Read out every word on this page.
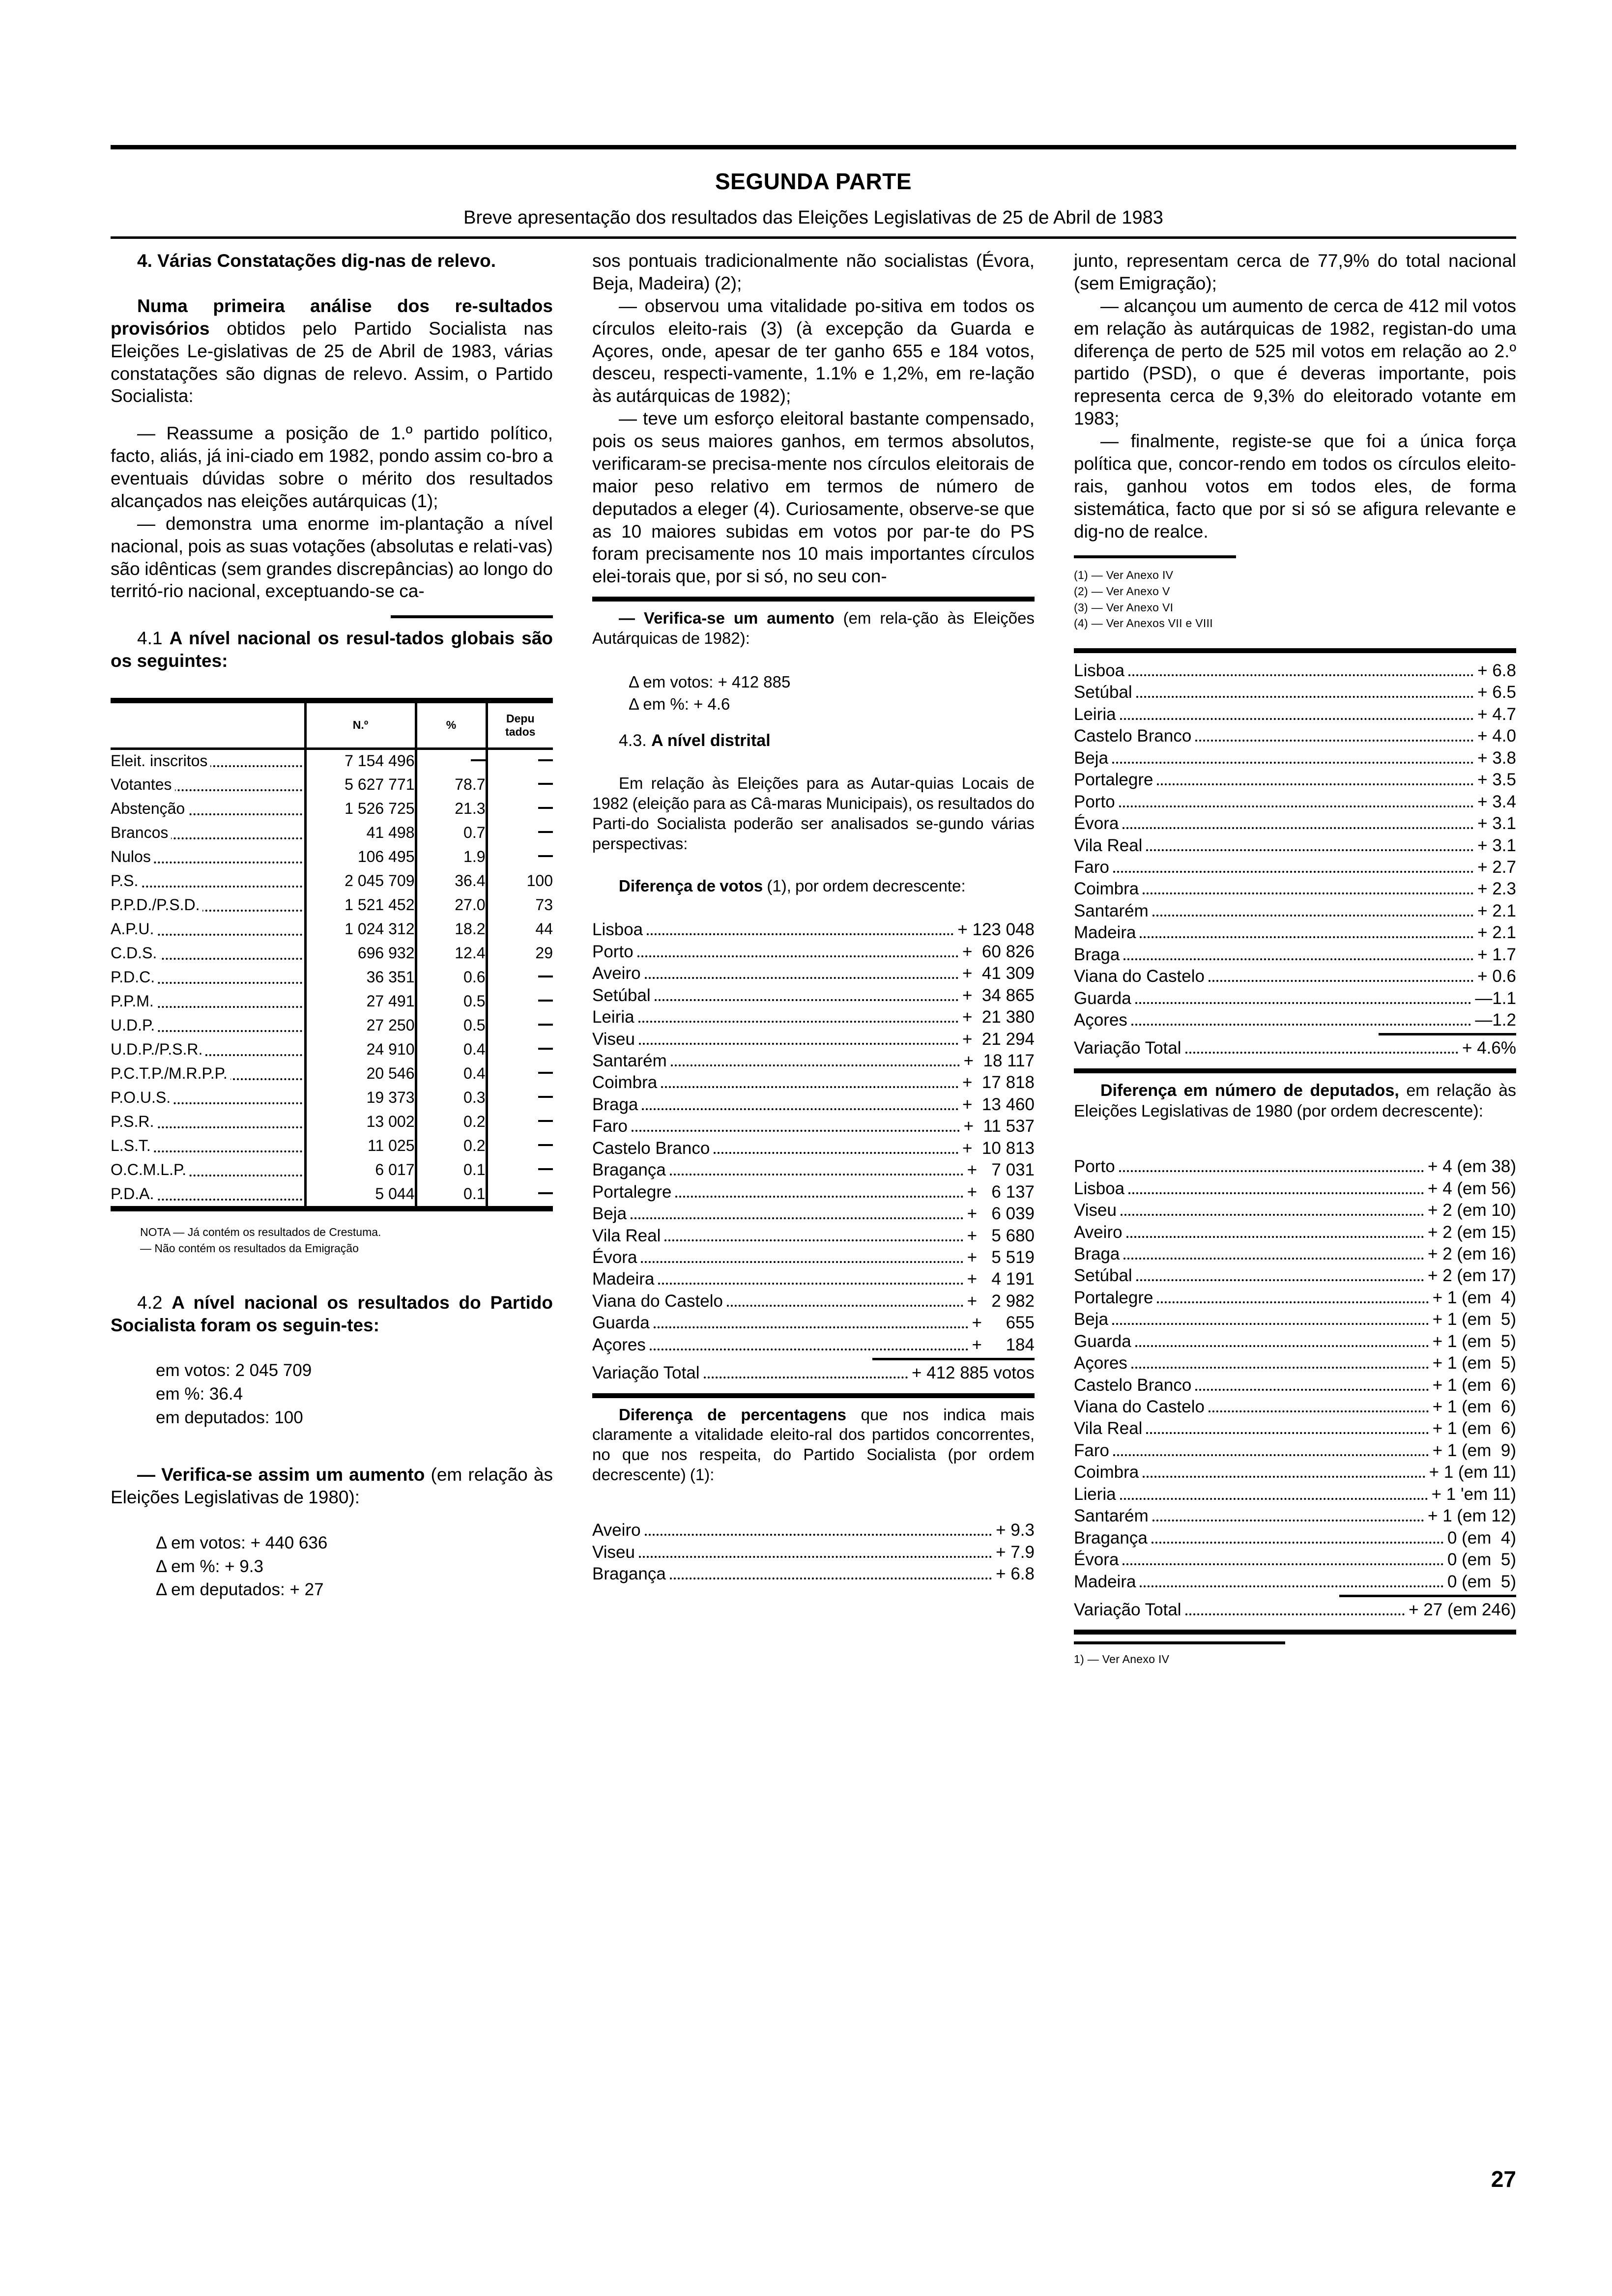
SEGUNDA PARTE
Breve apresentação dos resultados das Eleições Legislativas de 25 de Abril de 1983
4. Várias Constatações dig-nas de relevo.
Numa primeira análise dos re-sultados provisórios obtidos pelo Partido Socialista nas Eleições Le-gislativas de 25 de Abril de 1983, várias constatações são dignas de relevo. Assim, o Partido Socialista:
— Reassume a posição de 1.º partido político, facto, aliás, já ini-ciado em 1982, pondo assim co-bro a eventuais dúvidas sobre o mérito dos resultados alcançados nas eleições autárquicas (1);
— demonstra uma enorme im-plantação a nível nacional, pois as suas votações (absolutas e relati-vas) são idênticas (sem grandes discrepâncias) ao longo do territó-rio nacional, exceptuando-se ca-
4.1 A nível nacional os resul-tados globais são os seguintes:
	N.º	%	Depu
tados

Eleit. inscritos	7 154 496		

Votantes	5 627 771	78.7	

Abstenção	1 526 725	21.3	

Brancos	41 498	0.7	

Nulos	106 495	1.9	

P.S.	2 045 709	36.4	100

P.P.D./P.S.D.	1 521 452	27.0	73

A.P.U.	1 024 312	18.2	44

C.D.S.	696 932	12.4	29

P.D.C.	36 351	0.6	

P.P.M.	27 491	0.5	

U.D.P.	27 250	0.5	

U.D.P./P.S.R.	24 910	0.4	

P.C.T.P./M.R.P.P.	20 546	0.4	

P.O.U.S.	19 373	0.3	

P.S.R.	13 002	0.2	

L.S.T.	11 025	0.2	

O.C.M.L.P.	6 017	0.1	

P.D.A.	5 044	0.1	
NOTA — Já contém os resultados de Crestuma.
— Não contém os resultados da Emigração
4.2 A nível nacional os resultados do Partido Socialista foram os seguin-tes:
em votos: 2 045 709
em %: 36.4
em deputados: 100
— Verifica-se assim um aumento (em relação às Eleições Legislativas de 1980):
Δ em votos: + 440 636
Δ em %: + 9.3
Δ em deputados: + 27
sos pontuais tradicionalmente não socialistas (Évora, Beja, Madeira) (2);
— observou uma vitalidade po-sitiva em todos os círculos eleito-rais (3) (à excepção da Guarda e Açores, onde, apesar de ter ganho 655 e 184 votos, desceu, respecti-vamente, 1.1% e 1,2%, em re-lação às autárquicas de 1982);
— teve um esforço eleitoral bastante compensado, pois os seus maiores ganhos, em termos absolutos, verificaram-se precisa-mente nos círculos eleitorais de maior peso relativo em termos de número de deputados a eleger (4). Curiosamente, observe-se que as 10 maiores subidas em votos por par-te do PS foram precisamente nos 10 mais importantes círculos elei-torais que, por si só, no seu con-
— Verifica-se um aumento (em rela-ção às Eleições Autárquicas de 1982):
Δ em votos: + 412 885
Δ em %: + 4.6
4.3. A nível distrital
Em relação às Eleições para as Autar-quias Locais de 1982 (eleição para as Câ-maras Municipais), os resultados do Parti-do Socialista poderão ser analisados se-gundo várias perspectivas:
Diferença de votos (1), por ordem decrescente:
Lisboa	+ 123 048
Porto	+  60 826
Aveiro	+  41 309
Setúbal	+  34 865
Leiria	+  21 380
Viseu	+  21 294
Santarém	+  18 117
Coimbra	+  17 818
Braga	+  13 460
Faro	+  11 537
Castelo Branco	+  10 813
Bragança	+   7 031
Portalegre	+   6 137
Beja	+   6 039
Vila Real	+   5 680
Évora	+   5 519
Madeira	+   4 191
Viana do Castelo	+   2 982
Guarda	+     655
Açores	+     184
Variação Total	+ 412 885 votos
Diferença de percentagens que nos indica mais claramente a vitalidade eleito-ral dos partidos concorrentes, no que nos respeita, do Partido Socialista (por ordem decrescente) (1):
Aveiro	+ 9.3
Viseu	+ 7.9
Bragança	+ 6.8
junto, representam cerca de 77,9% do total nacional (sem Emigração);
— alcançou um aumento de cerca de 412 mil votos em relação às autárquicas de 1982, registan-do uma diferença de perto de 525 mil votos em relação ao 2.º partido (PSD), o que é deveras importante, pois representa cerca de 9,3% do eleitorado votante em 1983;
— finalmente, registe-se que foi a única força política que, concor-rendo em todos os círculos eleito-rais, ganhou votos em todos eles, de forma sistemática, facto que por si só se afigura relevante e dig-no de realce.
(1) — Ver Anexo IV
(2) — Ver Anexo V
(3) — Ver Anexo VI
(4) — Ver Anexos VII e VIII
Lisboa	+ 6.8
Setúbal	+ 6.5
Leiria	+ 4.7
Castelo Branco	+ 4.0
Beja	+ 3.8
Portalegre	+ 3.5
Porto	+ 3.4
Évora	+ 3.1
Vila Real	+ 3.1
Faro	+ 2.7
Coimbra	+ 2.3
Santarém	+ 2.1
Madeira	+ 2.1
Braga	+ 1.7
Viana do Castelo	+ 0.6
Guarda	—1.1
Açores	—1.2
Variação Total	+ 4.6%
Diferença em número de deputados, em relação às Eleições Legislativas de 1980 (por ordem decrescente):
Porto	+ 4 (em 38)
Lisboa	+ 4 (em 56)
Viseu	+ 2 (em 10)
Aveiro	+ 2 (em 15)
Braga	+ 2 (em 16)
Setúbal	+ 2 (em 17)
Portalegre	+ 1 (em  4)
Beja	+ 1 (em  5)
Guarda	+ 1 (em  5)
Açores	+ 1 (em  5)
Castelo Branco	+ 1 (em  6)
Viana do Castelo	+ 1 (em  6)
Vila Real	+ 1 (em  6)
Faro	+ 1 (em  9)
Coimbra	+ 1 (em 11)
Lieria	+ 1 'em 11)
Santarém	+ 1 (em 12)
Bragança	0 (em  4)
Évora	0 (em  5)
Madeira	0 (em  5)
Variação Total	+ 27 (em 246)
1) — Ver Anexo IV
27
